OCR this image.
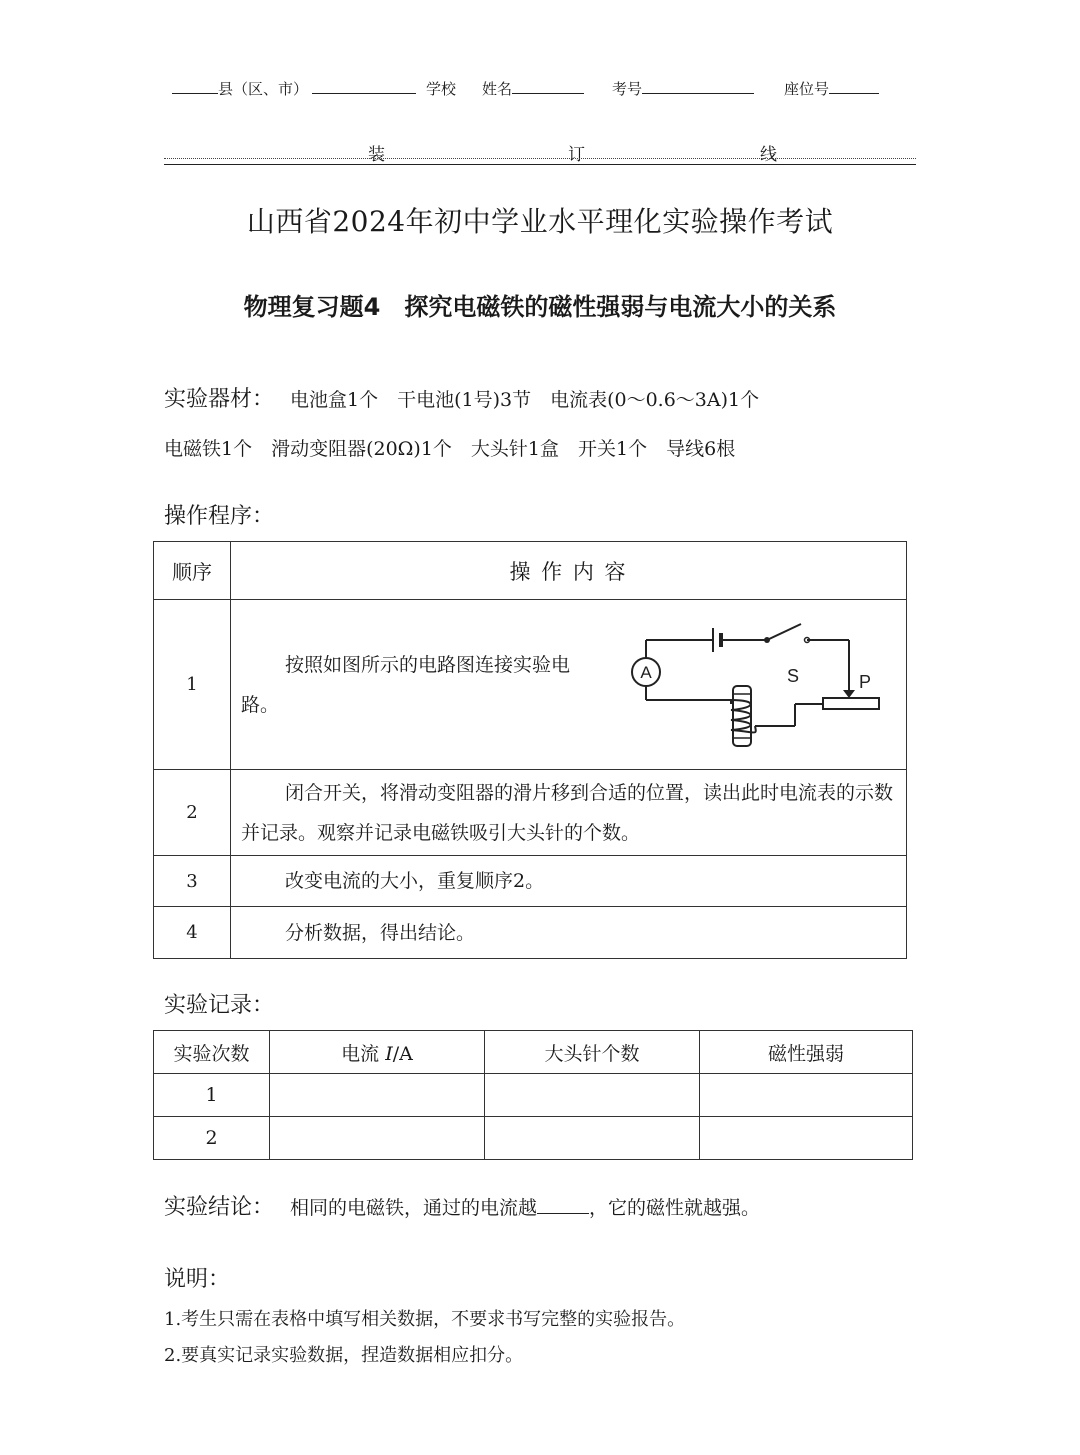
县（区、市）	学校 姓名	考号	座位号
装	订	线
山西省2024年初中学业水平理化实验操作考试
物理复习题4　探究电磁铁的磁性强弱与电流大小的关系
实验器材： 电池盒1个　干电池(1号)3节　电流表(0～0.6～3A)1个
电磁铁1个　滑动变阻器(20Ω)1个　大头针1盒　开关1个　导线6根
操作程序：
顺序	操 作 内 容
1	按照如图所示的电路图连接实验电路。
S
A P

2	闭合开关，将滑动变阻器的滑片移到合适的位置，读出此时电流表的示数并记录。观察并记录电磁铁吸引大头针的个数。
3	改变电流的大小，重复顺序2。
4	分析数据，得出结论。
实验记录：
实验次数	电流 I/A	大头针个数	磁性强弱
1			
2			
实验结论： 相同的电磁铁，通过的电流越	，它的磁性就越强。
说明：
1.考生只需在表格中填写相关数据，不要求书写完整的实验报告。
2.要真实记录实验数据，捏造数据相应扣分。
